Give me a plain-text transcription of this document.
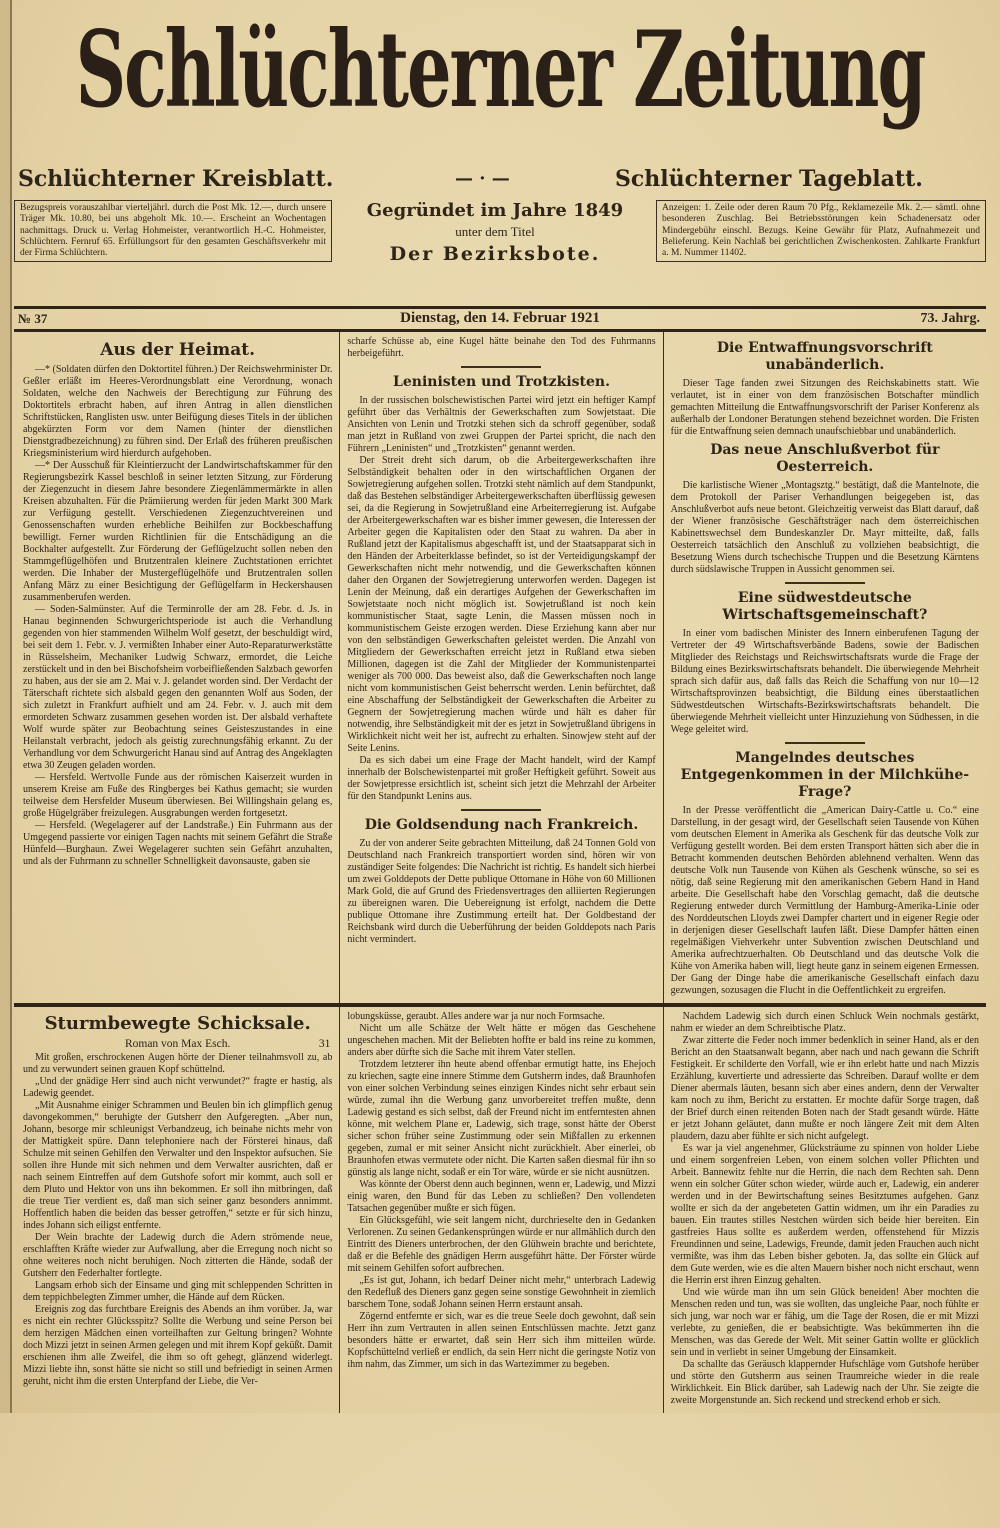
Schlüchterner Zeitung
Schlüchterner Kreisblatt.	— · —	Schlüchterner Tageblatt.
Bezugspreis vorauszahlbar vierteljährl. durch die Post Mk. 12.—, durch unsere Träger Mk. 10.80, bei uns abgeholt Mk. 10.—. Erscheint an Wochentagen nachmittags. Druck u. Verlag Hohmeister, verantwortlich H.-C. Hohmeister, Schlüchtern. Fernruf 65. Erfüllungsort für den gesamten Geschäftsverkehr mit der Firma Schlüchtern.
Gegründet im Jahre 1849
unter dem Titel
Der Bezirksbote.
Anzeigen: 1. Zeile oder deren Raum 70 Pfg., Reklamezeile Mk. 2.— sämtl. ohne besonderen Zuschlag. Bei Betriebsstörungen kein Schadenersatz oder Mindergebühr einschl. Bezugs. Keine Gewähr für Platz, Aufnahmezeit und Belieferung. Kein Nachlaß bei gerichtlichen Zwischenkosten. Zahlkarte Frankfurt a. M. Nummer 11402.
№ 37	Dienstag, den 14. Februar 1921	73. Jahrg.
Aus der Heimat.

—* (Soldaten dürfen den Doktortitel führen.) Der Reichswehrminister Dr. Geßler erläßt im Heeres-Verordnungsblatt eine Verordnung, wonach Soldaten, welche den Nachweis der Berechtigung zur Führung des Doktortitels erbracht haben, auf ihren Antrag in allen dienstlichen Schriftstücken, Ranglisten usw. unter Beifügung dieses Titels in der üblichen abgekürzten Form vor dem Namen (hinter der dienstlichen Dienstgradbezeichnung) zu führen sind. Der Erlaß des früheren preußischen Kriegsministerium wird hierdurch aufgehoben.

—* Der Ausschuß für Kleintierzucht der Landwirtschaftskammer für den Regierungsbezirk Kassel beschloß in seiner letzten Sitzung, zur Förderung der Ziegenzucht in diesem Jahre besondere Ziegenlämmermärkte in allen Kreisen abzuhalten. Für die Prämiierung werden für jeden Markt 300 Mark zur Verfügung gestellt. Verschiedenen Ziegenzuchtvereinen und Genossenschaften wurden erhebliche Beihilfen zur Bockbeschaffung bewilligt. Ferner wurden Richtlinien für die Entschädigung an die Bockhalter aufgestellt. Zur Förderung der Geflügelzucht sollen neben den Stammgeflügelhöfen und Brutzentralen kleinere Zuchtstationen errichtet werden. Die Inhaber der Mustergeflügelhöfe und Brutzentralen sollen Anfang März zu einer Besichtigung der Geflügelfarm in Heckershausen zusammenberufen werden.

— Soden-Salmünster. Auf die Terminrolle der am 28. Febr. d. Js. in Hanau beginnenden Schwurgerichtsperiode ist auch die Verhandlung gegenden von hier stammenden Wilhelm Wolf gesetzt, der beschuldigt wird, bei seit dem 1. Febr. v. J. vermißten Inhaber einer Auto-Reparaturwerkstätte in Rüsselsheim, Mechaniker Ludwig Schwarz, ermordet, die Leiche zerstückelt und in den bei Bischofsheim vorbeifließenden Salzbach geworfen zu haben, aus der sie am 2. Mai v. J. gelandet worden sind. Der Verdacht der Täterschaft richtete sich alsbald gegen den genannten Wolf aus Soden, der sich zuletzt in Frankfurt aufhielt und am 24. Febr. v. J. auch mit dem ermordeten Schwarz zusammen gesehen worden ist. Der alsbald verhaftete Wolf wurde später zur Beobachtung seines Geisteszustandes in eine Heilanstalt verbracht, jedoch als geistig zurechnungsfähig erkannt. Zu der Verhandlung vor dem Schwurgericht Hanau sind auf Antrag des Angeklagten etwa 30 Zeugen geladen worden.

— Hersfeld. Wertvolle Funde aus der römischen Kaiserzeit wurden in unserem Kreise am Fuße des Ringberges bei Kathus gemacht; sie wurden teilweise dem Hersfelder Museum überwiesen. Bei Willingshain gelang es, große Hügelgräber freizulegen. Ausgrabungen werden fortgesetzt.

— Hersfeld. (Wegelagerer auf der Landstraße.) Ein Fuhrmann aus der Umgegend passierte vor einigen Tagen nachts mit seinem Gefährt die Straße Hünfeld—Burghaun. Zwei Wegelagerer suchten sein Gefährt anzuhalten, und als der Fuhrmann zu schneller Schnelligkeit davonsauste, gaben sie

scharfe Schüsse ab, eine Kugel hätte beinahe den Tod des Fuhrmanns herbeigeführt.

Leninisten und Trotzkisten.

In der russischen bolschewistischen Partei wird jetzt ein heftiger Kampf geführt über das Verhältnis der Gewerkschaften zum Sowjetstaat. Die Ansichten von Lenin und Trotzki stehen sich da schroff gegenüber, sodaß man jetzt in Rußland von zwei Gruppen der Partei spricht, die nach den Führern „Leninisten“ und „Trotzkisten“ genannt werden.

Der Streit dreht sich darum, ob die Arbeitergewerkschaften ihre Selbständigkeit behalten oder in den wirtschaftlichen Organen der Sowjetregierung aufgehen sollen. Trotzki steht nämlich auf dem Standpunkt, daß das Bestehen selbständiger Arbeitergewerkschaften überflüssig gewesen sei, da die Regierung in Sowjetrußland eine Arbeiterregierung ist. Aufgabe der Arbeitergewerkschaften war es bisher immer gewesen, die Interessen der Arbeiter gegen die Kapitalisten oder den Staat zu wahren. Da aber in Rußland jetzt der Kapitalismus abgeschafft ist, und der Staatsapparat sich in den Händen der Arbeiterklasse befindet, so ist der Verteidigungskampf der Gewerkschaften nicht mehr notwendig, und die Gewerkschaften können daher den Organen der Sowjetregierung unterworfen werden. Dagegen ist Lenin der Meinung, daß ein derartiges Aufgehen der Gewerkschaften im Sowjetstaate noch nicht möglich ist. Sowjetrußland ist noch kein kommunistischer Staat, sagte Lenin, die Massen müssen noch in kommunistischem Geiste erzogen werden. Diese Erziehung kann aber nur von den selbständigen Gewerkschaften geleistet werden. Die Anzahl von Mitgliedern der Gewerkschaften erreicht jetzt in Rußland etwa sieben Millionen, dagegen ist die Zahl der Mitglieder der Kommunistenpartei weniger als 700 000. Das beweist also, daß die Gewerkschaften noch lange nicht vom kommunistischen Geist beherrscht werden. Lenin befürchtet, daß eine Abschaffung der Selbständigkeit der Gewerkschaften die Arbeiter zu Gegnern der Sowjetregierung machen würde und hält es daher für notwendig, ihre Selbständigkeit mit der es jetzt in Sowjetrußland übrigens in Wirklichkeit nicht weit her ist, aufrecht zu erhalten. Sinowjew steht auf der Seite Lenins.

Da es sich dabei um eine Frage der Macht handelt, wird der Kampf innerhalb der Bolschewistenpartei mit großer Heftigkeit geführt. Soweit aus der Sowjetpresse ersichtlich ist, scheint sich jetzt die Mehrzahl der Arbeiter für den Standpunkt Lenins aus.

Die Goldsendung nach Frankreich.

Zu der von anderer Seite gebrachten Mitteilung, daß 24 Tonnen Gold von Deutschland nach Frankreich transportiert worden sind, hören wir von zuständiger Seite folgendes: Die Nachricht ist richtig. Es handelt sich hierbei um zwei Golddepots der Dette publique Ottomane in Höhe von 60 Millionen Mark Gold, die auf Grund des Friedensvertrages den alliierten Regierungen zu übereignen waren. Die Uebereignung ist erfolgt, nachdem die Dette publique Ottomane ihre Zustimmung erteilt hat. Der Goldbestand der Reichsbank wird durch die Ueberführung der beiden Golddepots nach Paris nicht vermindert.

Die Entwaffnungsvorschrift unabänderlich.

Dieser Tage fanden zwei Sitzungen des Reichskabinetts statt. Wie verlautet, ist in einer von dem französischen Botschafter mündlich gemachten Mitteilung die Entwaffnungsvorschrift der Pariser Konferenz als außerhalb der Londoner Beratungen stehend bezeichnet worden. Die Fristen für die Entwaffnung seien demnach unaufschiebbar und unabänderlich.

Das neue Anschlußverbot für Oesterreich.

Die karlistische Wiener „Montagsztg.“ bestätigt, daß die Mantelnote, die dem Protokoll der Pariser Verhandlungen beigegeben ist, das Anschlußverbot aufs neue betont. Gleichzeitig verweist das Blatt darauf, daß der Wiener französische Geschäftsträger nach dem österreichischen Kabinettswechsel dem Bundeskanzler Dr. Mayr mitteilte, daß, falls Oesterreich tatsächlich den Anschluß zu vollziehen beabsichtigt, die Besetzung Wiens durch tschechische Truppen und die Besetzung Kärntens durch südslawische Truppen in Aussicht genommen sei.

Eine südwestdeutsche Wirtschaftsgemeinschaft?

In einer vom badischen Minister des Innern einberufenen Tagung der Vertreter der 49 Wirtschaftsverbände Badens, sowie der Badischen Mitglieder des Reichstags und Reichswirtschaftsrats wurde die Frage der Bildung eines Bezirkswirtschaftsrats behandelt. Die überwiegende Mehrheit sprach sich dafür aus, daß falls das Reich die Schaffung von nur 10—12 Wirtschaftsprovinzen beabsichtigt, die Bildung eines überstaatlichen Südwestdeutschen Wirtschafts-Bezirkswirtschaftsrats behandelt. Die überwiegende Mehrheit vielleicht unter Hinzuziehung von Südhessen, in die Wege geleitet wird.

Mangelndes deutsches Entgegenkommen in der Milchkühe-Frage?

In der Presse veröffentlicht die „American Dairy-Cattle u. Co.“ eine Darstellung, in der gesagt wird, der Gesellschaft seien Tausende von Kühen vom deutschen Element in Amerika als Geschenk für das deutsche Volk zur Verfügung gestellt worden. Bei dem ersten Transport hätten sich aber die in Betracht kommenden deutschen Behörden ablehnend verhalten. Wenn das deutsche Volk nun Tausende von Kühen als Geschenk wünsche, so sei es nötig, daß seine Regierung mit den amerikanischen Gebern Hand in Hand arbeite. Die Gesellschaft habe den Vorschlag gemacht, daß die deutsche Regierung entweder durch Vermittlung der Hamburg-Amerika-Linie oder des Norddeutschen Lloyds zwei Dampfer chartert und in eigener Regie oder in derjenigen dieser Gesellschaft laufen läßt. Diese Dampfer hätten einen regelmäßigen Viehverkehr unter Subvention zwischen Deutschland und Amerika aufrechtzuerhalten. Ob Deutschland und das deutsche Volk die Kühe von Amerika haben will, liegt heute ganz in seinem eigenen Ermessen. Der Gang der Dinge habe die amerikanische Gesellschaft einfach dazu gezwungen, sozusagen die Flucht in die Oeffentlichkeit zu ergreifen.

Sturmbewegte Schicksale.
Roman von Max Esch.	31

Mit großen, erschrockenen Augen hörte der Diener teilnahmsvoll zu, ab und zu verwundert seinen grauen Kopf schüttelnd.

„Und der gnädige Herr sind auch nicht verwundet?“ fragte er hastig, als Ladewig geendet.

„Mit Ausnahme einiger Schrammen und Beulen bin ich glimpflich genug davongekommen,“ beruhigte der Gutsherr den Aufgeregten. „Aber nun, Johann, besorge mir schleunigst Verbandzeug, ich beinahe nichts mehr von der Mattigkeit spüre. Dann telephoniere nach der Försterei hinaus, daß Schulze mit seinen Gehilfen den Verwalter und den Inspektor aufsuchen. Sie sollen ihre Hunde mit sich nehmen und dem Verwalter ausrichten, daß er nach seinem Eintreffen auf dem Gutshofe sofort mir kommt, auch soll er dem Pluto und Hektor von uns ihn bekommen. Er soll ihn mitbringen, daß die treue Tier verdient es, daß man sich seiner ganz besonders annimmt. Hoffentlich haben die beiden das besser getroffen,“ setzte er für sich hinzu, indes Johann sich eiligst entfernte.

Der Wein brachte der Ladewig durch die Adern strömende neue, erschlafften Kräfte wieder zur Aufwallung, aber die Erregung noch nicht so ohne weiteres noch nicht beruhigen. Noch zitterten die Hände, sodaß der Gutsherr den Federhalter fortlegte.

Langsam erhob sich der Einsame und ging mit schleppenden Schritten in dem teppichbelegten Zimmer umher, die Hände auf dem Rücken.

Ereignis zog das furchtbare Ereignis des Abends an ihm vorüber. Ja, war es nicht ein rechter Glücksspitz? Sollte die Werbung und seine Person bei dem herzigen Mädchen einen vorteilhaften zur Geltung bringen? Wohnte doch Mizzi jetzt in seinen Armen gelegen und mit ihrem Kopf geküßt. Damit erschienen ihm alle Zweifel, die ihm so oft gehegt, glänzend widerlegt. Mizzi liebte ihn, sonst hätte sie nicht so still und befriedigt in seinen Armen geruht, nicht ihm die ersten Unterpfand der Liebe, die Ver-

lobungsküsse, geraubt. Alles andere war ja nur noch Formsache.

Nicht um alle Schätze der Welt hätte er mögen das Geschehene ungeschehen machen. Mit der Beliebten hoffte er bald ins reine zu kommen, anders aber dürfte sich die Sache mit ihrem Vater stellen.

Trotzdem letzterer ihn heute abend offenbar ermutigt hatte, ins Ehejoch zu kriechen, sagte eine innere Stimme dem Gutsherrn indes, daß Braunhofen von einer solchen Verbindung seines einzigen Kindes nicht sehr erbaut sein würde, zumal ihn die Werbung ganz unvorbereitet treffen mußte, denn Ladewig gestand es sich selbst, daß der Freund nicht im entferntesten ahnen könne, mit welchem Plane er, Ladewig, sich trage, sonst hätte der Oberst sicher schon früher seine Zustimmung oder sein Mißfallen zu erkennen gegeben, zumal er mit seiner Ansicht nicht zurückhielt. Aber einerlei, ob Braunhofen etwas vermutete oder nicht. Die Karten saßen diesmal für ihn so günstig als lange nicht, sodaß er ein Tor wäre, würde er sie nicht ausnützen.

Was könnte der Oberst denn auch beginnen, wenn er, Ladewig, und Mizzi einig waren, den Bund für das Leben zu schließen? Den vollendeten Tatsachen gegenüber mußte er sich fügen.

Ein Glücksgefühl, wie seit langem nicht, durchrieselte den in Gedanken Verlorenen. Zu seinen Gedankensprüngen würde er nur allmählich durch den Eintritt des Dieners unterbrochen, der den Glühwein brachte und berichtete, daß er die Befehle des gnädigen Herrn ausgeführt hätte. Der Förster würde mit seinem Gehilfen sofort aufbrechen.

„Es ist gut, Johann, ich bedarf Deiner nicht mehr,“ unterbrach Ladewig den Redefluß des Dieners ganz gegen seine sonstige Gewohnheit in ziemlich barschem Tone, sodaß Johann seinen Herrn erstaunt ansah.

Zögernd entfernte er sich, war es die treue Seele doch gewohnt, daß sein Herr ihn zum Vertrauten in allen seinen Entschlüssen machte. Jetzt ganz besonders hätte er erwartet, daß sein Herr sich ihm mitteilen würde. Kopfschüttelnd verließ er endlich, da sein Herr nicht die geringste Notiz von ihm nahm, das Zimmer, um sich in das Wartezimmer zu begeben.

Nachdem Ladewig sich durch einen Schluck Wein nochmals gestärkt, nahm er wieder an dem Schreibtische Platz.

Zwar zitterte die Feder noch immer bedenklich in seiner Hand, als er den Bericht an den Staatsanwalt begann, aber nach und nach gewann die Schrift Festigkeit. Er schilderte den Vorfall, wie er ihn erlebt hatte und nach Mizzis Erzählung, kuvertierte und adressierte das Schreiben. Darauf wollte er dem Diener abermals läuten, besann sich aber eines andern, denn der Verwalter kam noch zu ihm, Bericht zu erstatten. Er mochte dafür Sorge tragen, daß der Brief durch einen reitenden Boten nach der Stadt gesandt würde. Hätte er jetzt Johann geläutet, dann mußte er noch längere Zeit mit dem Alten plaudern, dazu aber fühlte er sich nicht aufgelegt.

Es war ja viel angenehmer, Glücksträume zu spinnen von holder Liebe und einem sorgenfreien Leben, von einem solchen voller Pflichten und Arbeit. Bannewitz fehlte nur die Herrin, die nach dem Rechten sah. Denn wenn ein solcher Güter schon wieder, würde auch er, Ladewig, ein anderer werden und in der Bewirtschaftung seines Besitztumes aufgehen. Ganz wollte er sich da der angebeteten Gattin widmen, um ihr ein Paradies zu bauen. Ein trautes stilles Nestchen würden sich beide hier bereiten. Ein gastfreies Haus sollte es außerdem werden, offenstehend für Mizzis Freundinnen und seine, Ladewigs, Freunde, damit jeden Frauchen auch nicht vermißte, was ihm das Leben bisher geboten. Ja, das sollte ein Glück auf dem Gute werden, wie es die alten Mauern bisher noch nicht erschaut, wenn die Herrin erst ihren Einzug gehalten.

Und wie würde man ihn um sein Glück beneiden! Aber mochten die Menschen reden und tun, was sie wollten, das ungleiche Paar, noch fühlte er sich jung, war noch war er fähig, um die Tage der Rosen, die er mit Mizzi verlebte, zu genießen, die er beabsichtigte. Was bekümmerten ihn die Menschen, was das Gerede der Welt. Mit seiner Gattin wollte er glücklich sein und in verliebt in seiner Umgebung der Einsamkeit.

Da schallte das Geräusch klappernder Hufschläge vom Gutshofe herüber und störte den Gutsherrn aus seinen Traumreiche wieder in die reale Wirklichkeit. Ein Blick darüber, sah Ladewig nach der Uhr. Sie zeigte die zweite Morgenstunde an. Sich reckend und streckend erhob er sich.
